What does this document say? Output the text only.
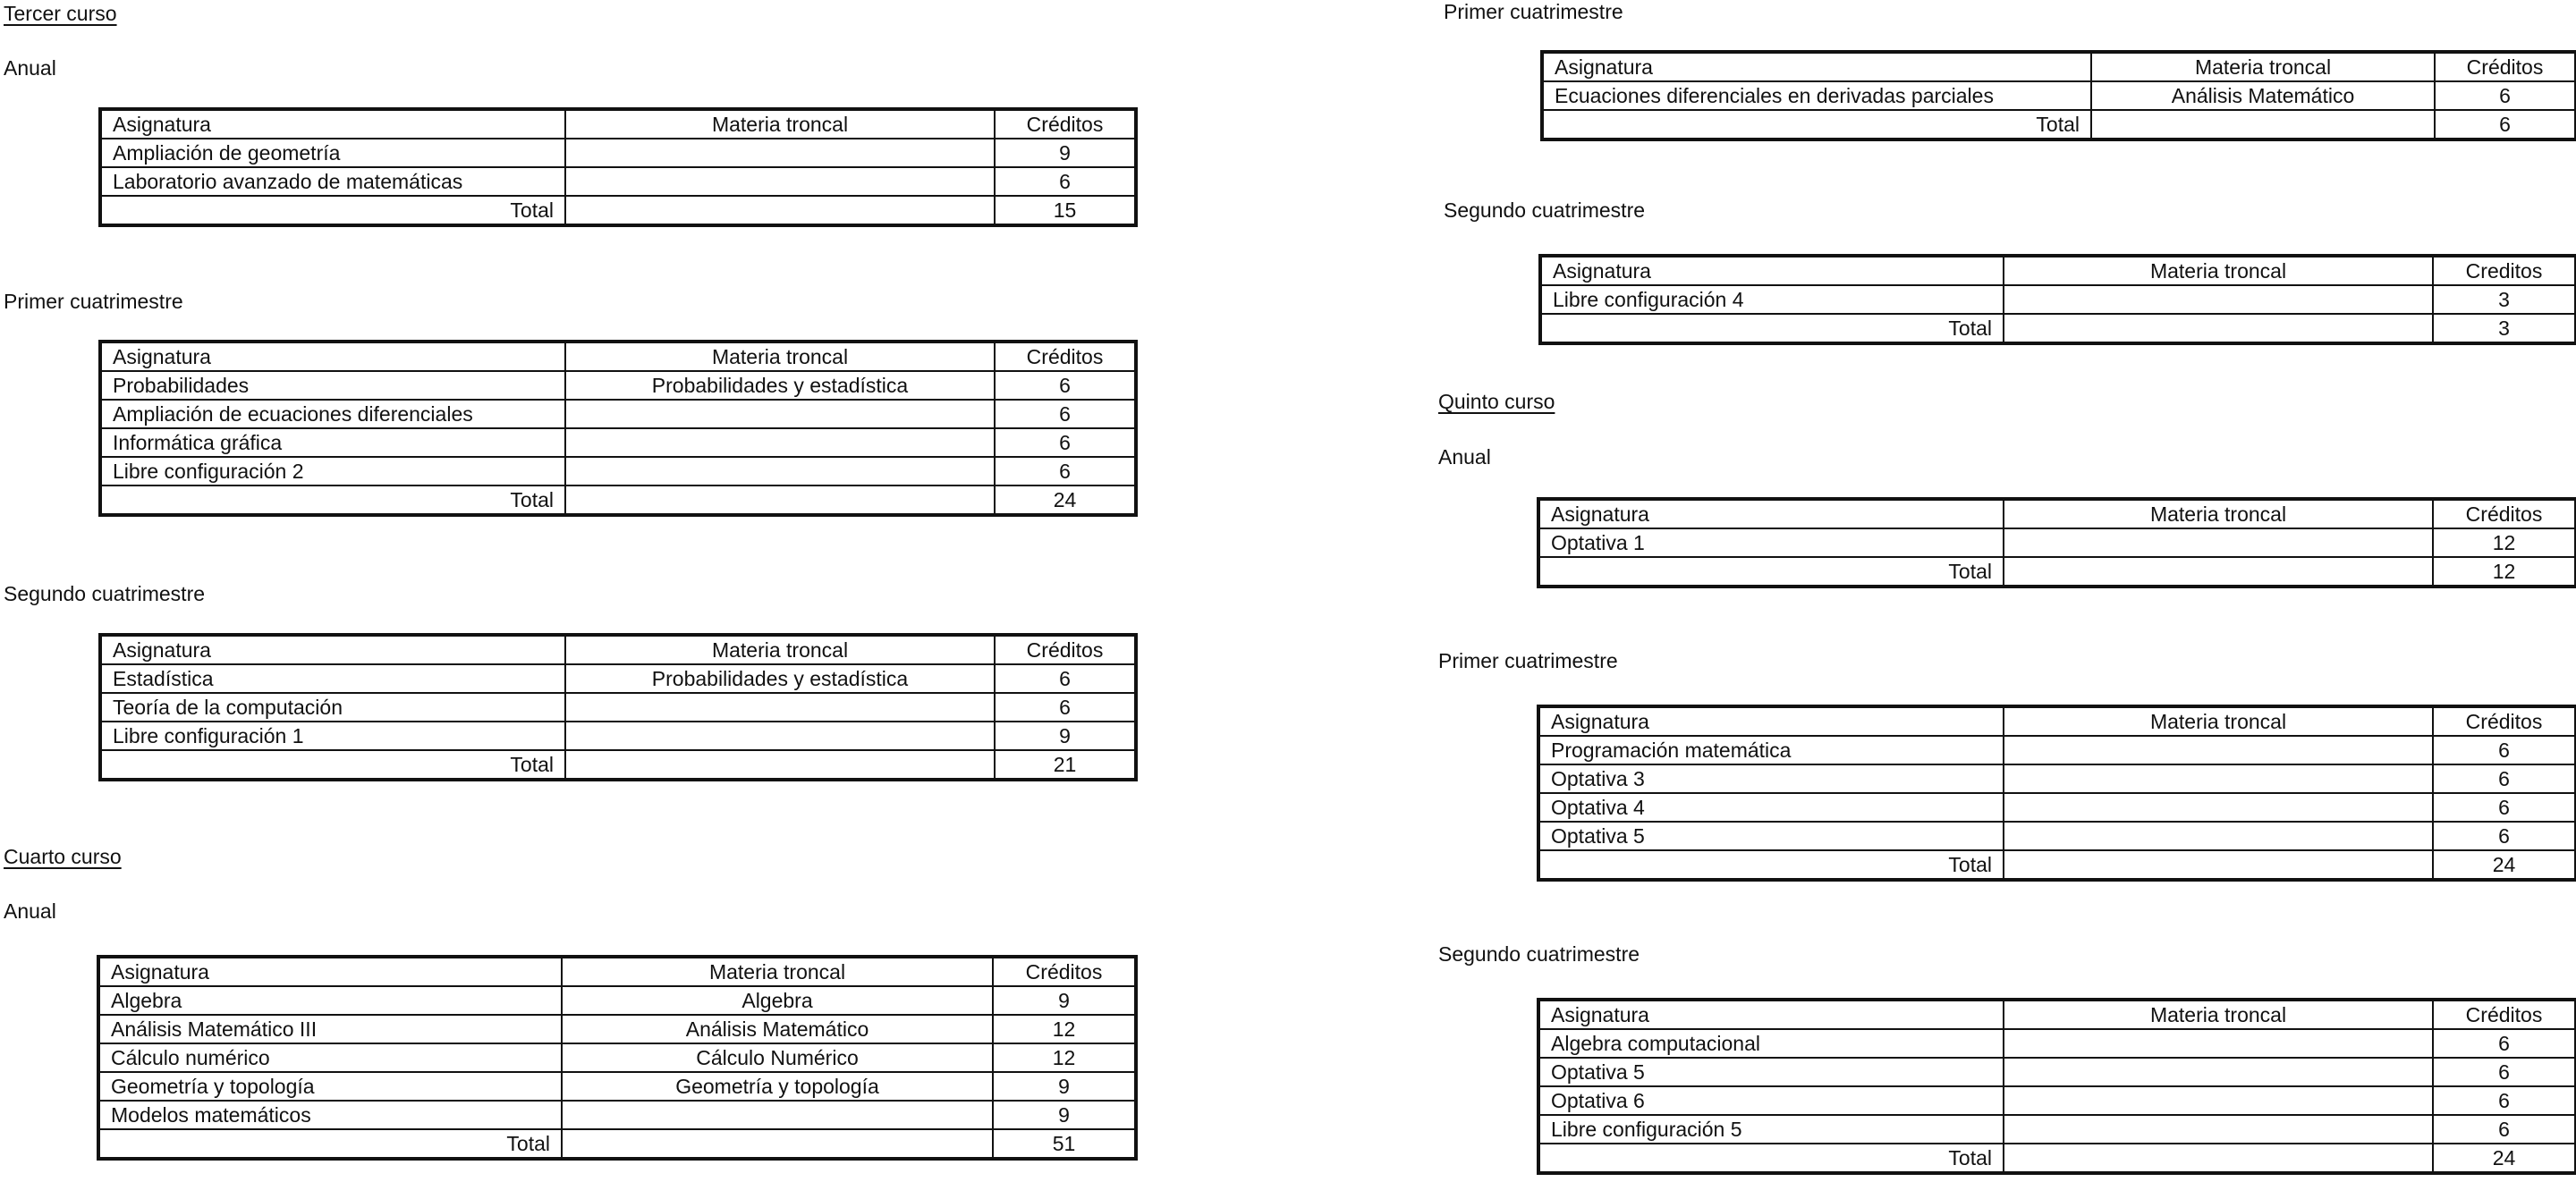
Tercer curso
Anual
Asignatura	Materia troncal	Créditos
Ampliación de geometría		9
Laboratorio avanzado de matemáticas		6
Total		15
Primer cuatrimestre
Asignatura	Materia troncal	Créditos
Probabilidades	Probabilidades y estadística	6
Ampliación de ecuaciones diferenciales		6
Informática gráfica		6
Libre configuración 2		6
Total		24
Segundo cuatrimestre
Asignatura	Materia troncal	Créditos
Estadística	Probabilidades y estadística	6
Teoría de la computación		6
Libre configuración 1		9
Total		21
Cuarto curso
Anual
Asignatura	Materia troncal	Créditos
Algebra	Algebra	9
Análisis Matemático III	Análisis Matemático	12
Cálculo numérico	Cálculo Numérico	12
Geometría y topología	Geometría y topología	9
Modelos matemáticos		9
Total		51
Primer cuatrimestre
Asignatura	Materia troncal	Créditos
Ecuaciones diferenciales en derivadas parciales	Análisis Matemático	6
Total		6
Segundo cuatrimestre
Asignatura	Materia troncal	Creditos
Libre configuración 4		3
Total		3
Quinto curso
Anual
Asignatura	Materia troncal	Créditos
Optativa 1		12
Total		12
Primer cuatrimestre
Asignatura	Materia troncal	Créditos
Programación matemática		6
Optativa 3		6
Optativa 4		6
Optativa 5		6
Total		24
Segundo cuatrimestre
Asignatura	Materia troncal	Créditos
Algebra computacional		6
Optativa 5		6
Optativa 6		6
Libre configuración 5		6
Total		24
